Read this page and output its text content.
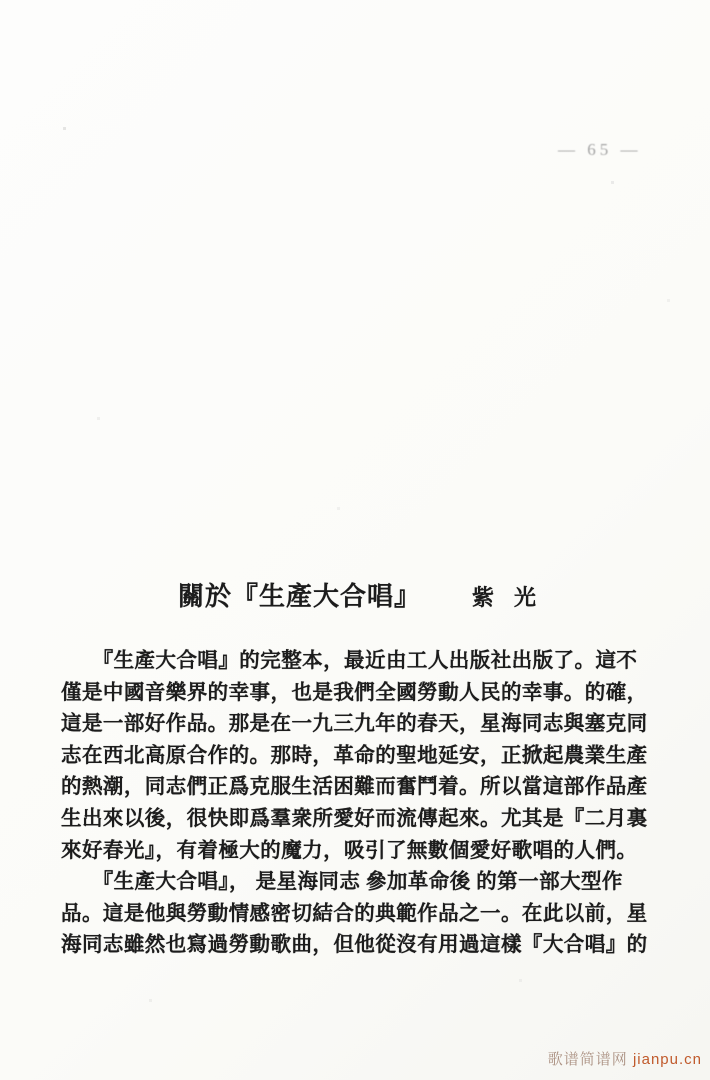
— 65 —
關於『生產大合唱』 紫光
　　『生產大合唱』的完整本，最近由工人出版社出版了。這不
僅是中國音樂界的幸事，也是我們全國勞動人民的幸事。的確，
這是一部好作品。那是在一九三九年的春天，星海同志與塞克同
志在西北高原合作的。那時，革命的聖地延安，正掀起農業生產
的熱潮，同志們正爲克服生活困難而奮鬥着。所以當這部作品產
生出來以後，很快即爲羣衆所愛好而流傳起來。尤其是『二月裏
來好春光』，有着極大的魔力，吸引了無數個愛好歌唱的人們。
　　『生產大合唱』， 是星海同志 參加革命後 的第一部大型作
品。這是他與勞動情感密切結合的典範作品之一。在此以前，星
海同志雖然也寫過勞動歌曲，但他從沒有用過這樣『大合唱』的
歌谱简谱网 jianpu.cn
